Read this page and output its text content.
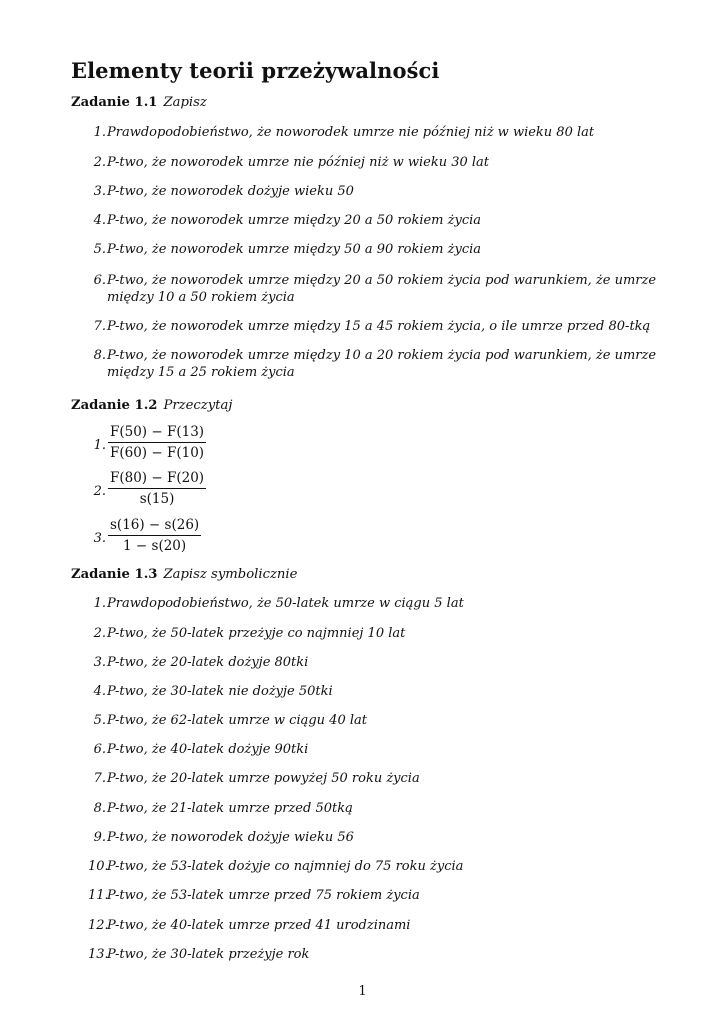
Elementy teorii przeżywalności
Zadanie 1.1 Zapisz
1. Prawdopodobieństwo, że noworodek umrze nie później niż w wieku 80 lat
2. P-two, że noworodek umrze nie później niż w wieku 30 lat
3. P-two, że noworodek dożyje wieku 50
4. P-two, że noworodek umrze między 20 a 50 rokiem życia
5. P-two, że noworodek umrze między 50 a 90 rokiem życia
6. P-two, że noworodek umrze między 20 a 50 rokiem życia pod warunkiem, że umrze między 10 a 50 rokiem życia
7. P-two, że noworodek umrze między 15 a 45 rokiem życia, o ile umrze przed 80-tką
8. P-two, że noworodek umrze między 10 a 20 rokiem życia pod warunkiem, że umrze między 15 a 25 rokiem życia
Zadanie 1.2 Przeczytaj
1. $\frac{F(50) - F(13)}{F(60) - F(10)}$
2. $\frac{F(80) - F(20)}{s(15)}$
3. $\frac{s(16) - s(26)}{1 - s(20)}$
Zadanie 1.3 Zapisz symbolicznie
1. Prawdopodobieństwo, że 50-latek umrze w ciągu 5 lat
2. P-two, że 50-latek przeżyje co najmniej 10 lat
3. P-two, że 20-latek dożyje 80tki
4. P-two, że 30-latek nie dożyje 50tki
5. P-two, że 62-latek umrze w ciągu 40 lat
6. P-two, że 40-latek dożyje 90tki
7. P-two, że 20-latek umrze powyżej 50 roku życia
8. P-two, że 21-latek umrze przed 50tką
9. P-two, że noworodek dożyje wieku 56
10.
P-two, że 53-latek dożyje co najmniej do 75 roku życia
11.
P-two, że 53-latek umrze przed 75 rokiem życia
12.
P-two, że 40-latek umrze przed 41 urodzinami
13.
P-two, że 30-latek przeżyje rok
1
